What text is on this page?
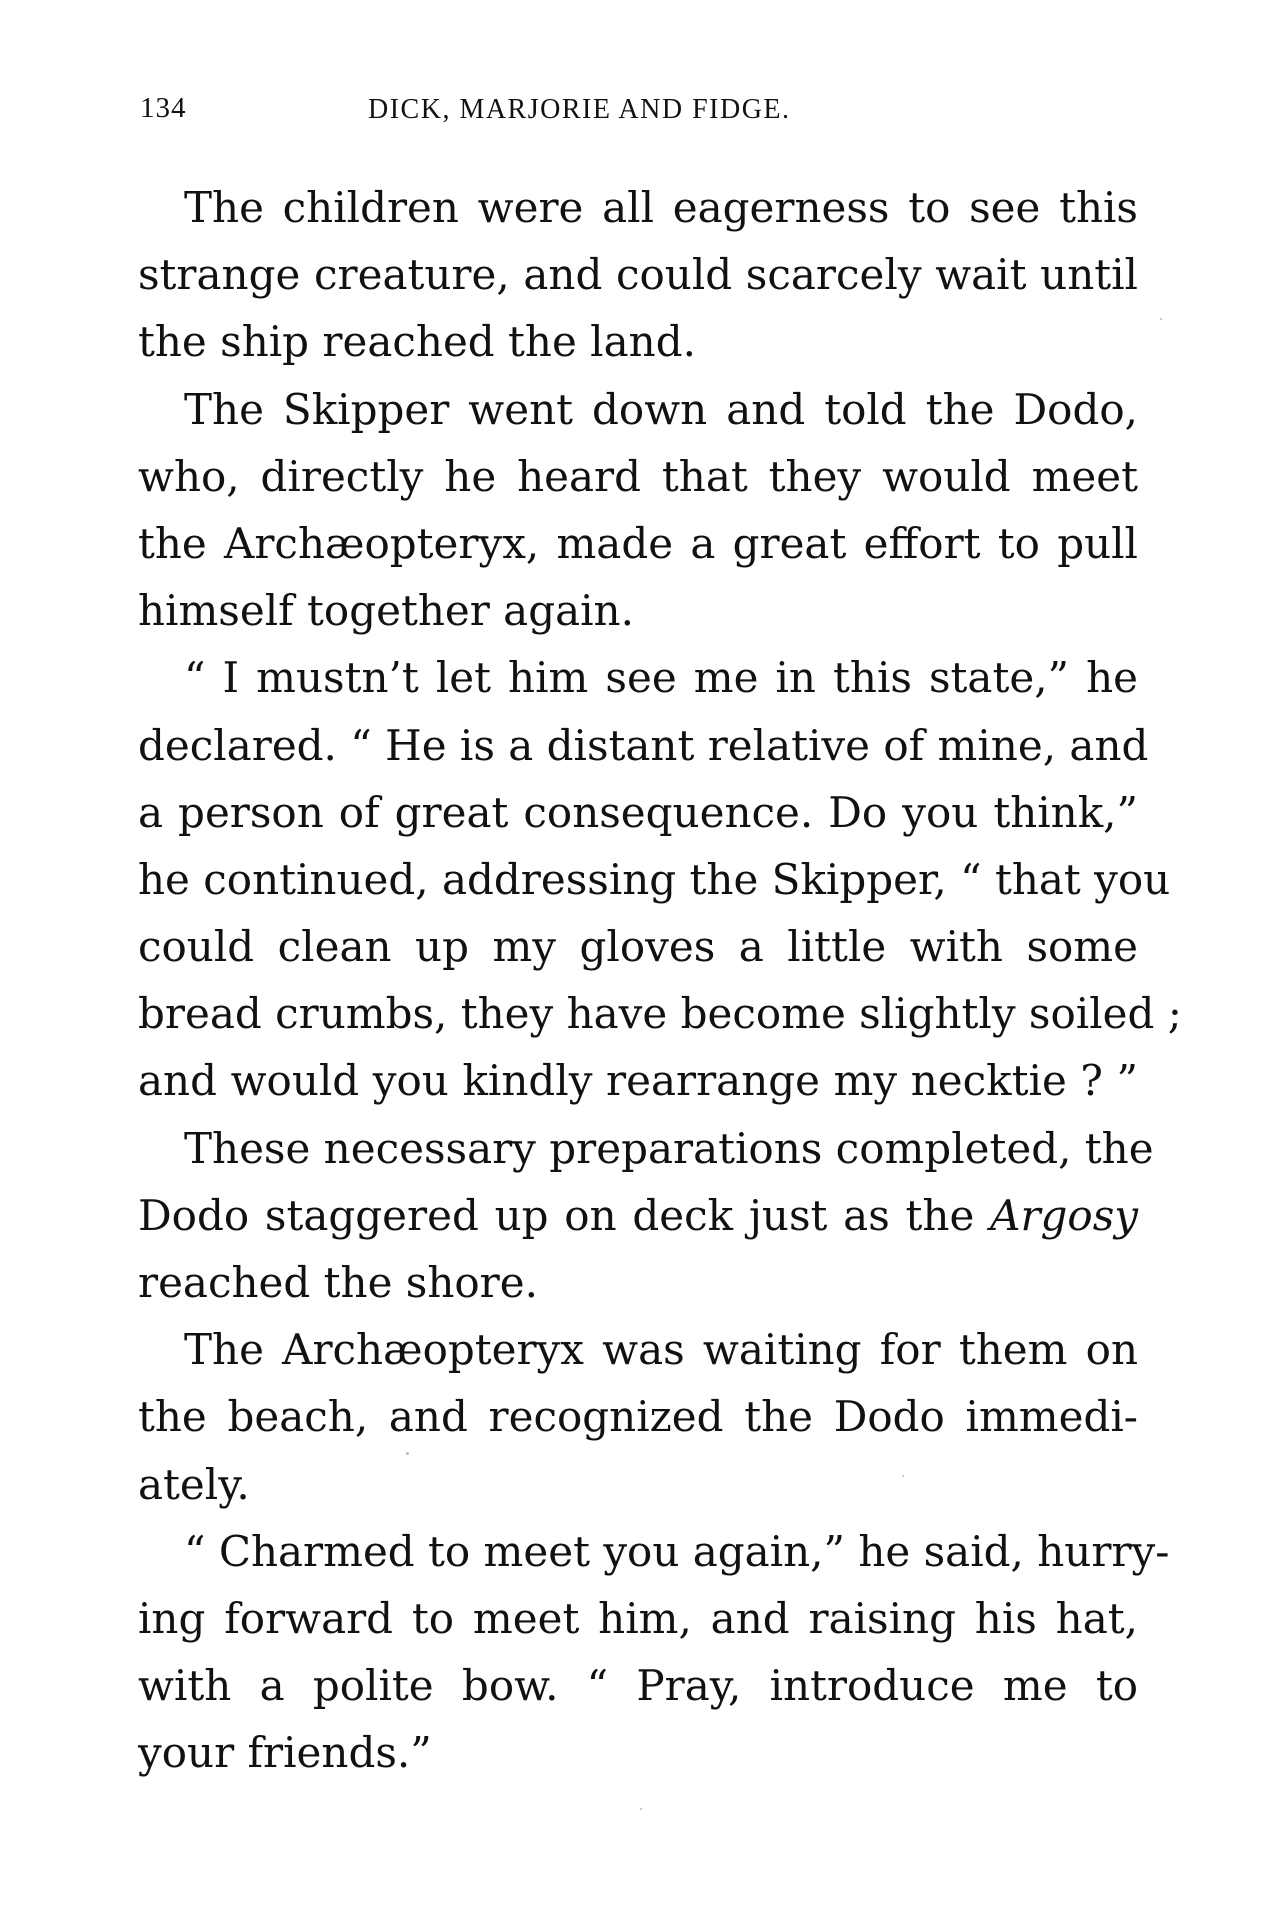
134	DICK, MARJORIE AND FIDGE.

The children were all eagerness to see this
strange creature, and could scarcely wait until
the ship reached the land.

The Skipper went down and told the Dodo,
who, directly he heard that they would meet
the Archæopteryx, made a great effort to pull
himself together again.

“ I mustn’t let him see me in this state,” he
declared. “ He is a distant relative of mine, and
a person of great consequence. Do you think,”
he continued, addressing the Skipper, “ that you
could clean up my gloves a little with some
bread crumbs, they have become slightly soiled ;
and would you kindly rearrange my necktie ? ”

These necessary preparations completed, the
Dodo staggered up on deck just as the Argosy
reached the shore.

The Archæopteryx was waiting for them on
the beach, and recognized the Dodo immedi-
ately.

“ Charmed to meet you again,” he said, hurry-
ing forward to meet him, and raising his hat,
with a polite bow. “ Pray, introduce me to
your friends.”
